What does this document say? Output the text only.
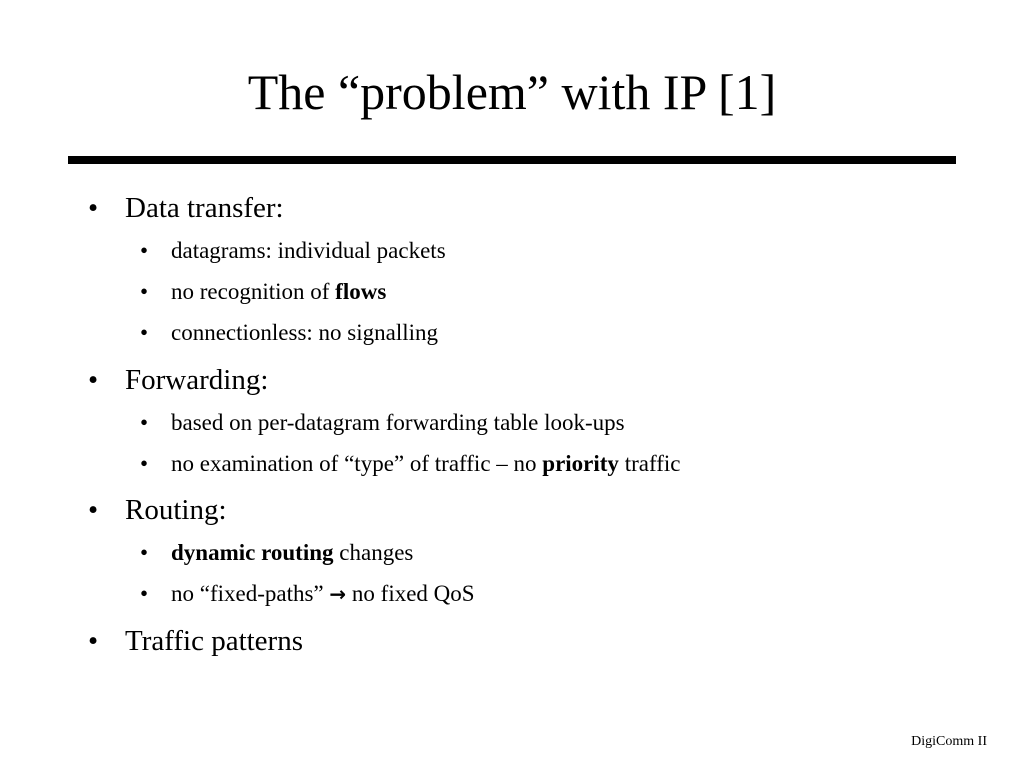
The “problem” with IP [1]
• Data transfer:
• datagrams: individual packets
• no recognition of flows
• connectionless: no signalling
• Forwarding:
• based on per-datagram forwarding table look-ups
• no examination of “type” of traffic – no priority traffic
• Routing:
• dynamic routing changes
• no “fixed-paths” → no fixed QoS
• Traffic patterns
DigiComm II
